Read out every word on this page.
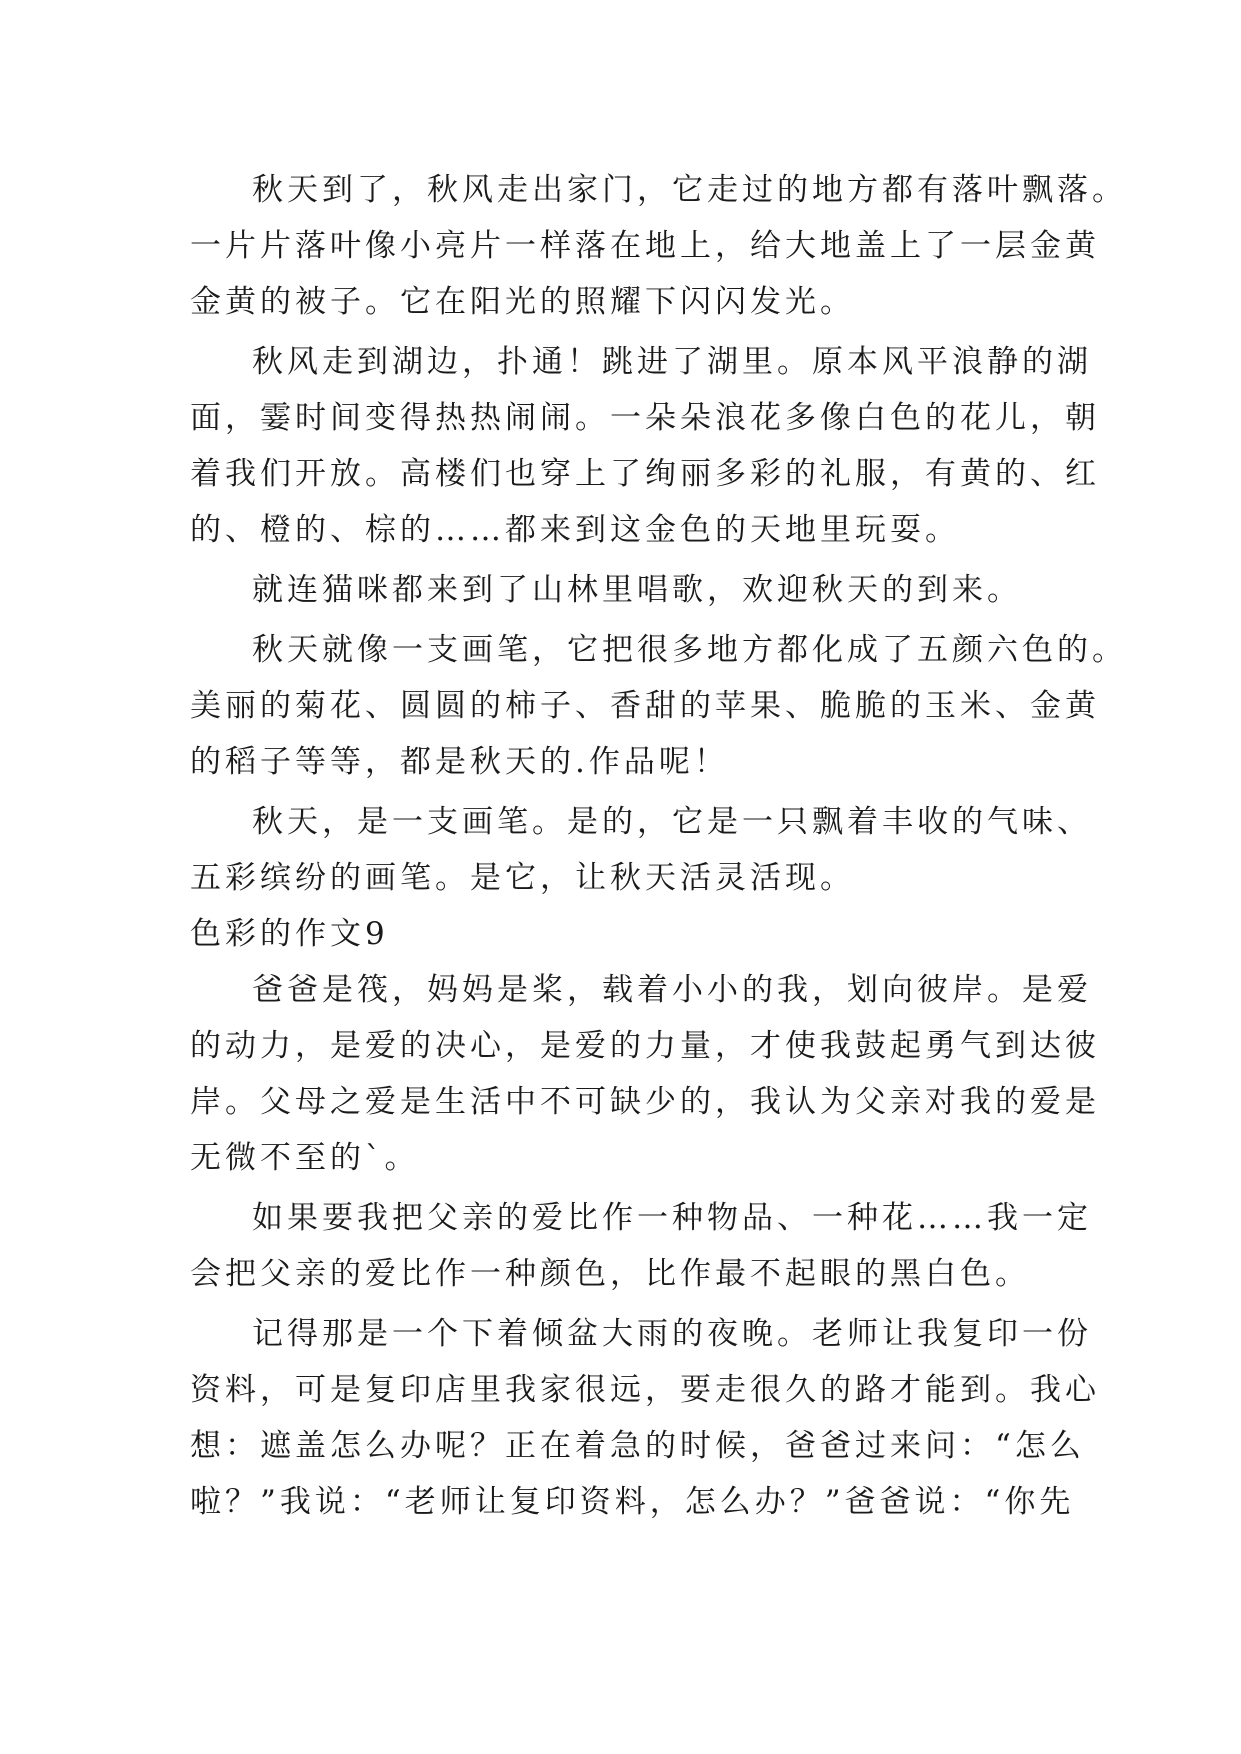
秋天到了，秋风走出家门，它走过的地方都有落叶飘落。
一片片落叶像小亮片一样落在地上，给大地盖上了一层金黄
金黄的被子。它在阳光的照耀下闪闪发光。
秋风走到湖边，扑通！跳进了湖里。原本风平浪静的湖
面，霎时间变得热热闹闹。一朵朵浪花多像白色的花儿，朝
着我们开放。高楼们也穿上了绚丽多彩的礼服，有黄的、红
的、橙的、棕的……都来到这金色的天地里玩耍。
就连猫咪都来到了山林里唱歌，欢迎秋天的到来。
秋天就像一支画笔，它把很多地方都化成了五颜六色的。
美丽的菊花、圆圆的柿子、香甜的苹果、脆脆的玉米、金黄
的稻子等等，都是秋天的.作品呢！
秋天，是一支画笔。是的，它是一只飘着丰收的气味、
五彩缤纷的画笔。是它，让秋天活灵活现。
色彩的作文9
爸爸是筏，妈妈是桨，载着小小的我，划向彼岸。是爱
的动力，是爱的决心，是爱的力量，才使我鼓起勇气到达彼
岸。父母之爱是生活中不可缺少的，我认为父亲对我的爱是
无微不至的`。
如果要我把父亲的爱比作一种物品、一种花……我一定
会把父亲的爱比作一种颜色，比作最不起眼的黑白色。
记得那是一个下着倾盆大雨的夜晚。老师让我复印一份
资料，可是复印店里我家很远，要走很久的路才能到。我心
想：遮盖怎么办呢？正在着急的时候，爸爸过来问：“怎么
啦？”我说：“老师让复印资料，怎么办？”爸爸说：“你先
